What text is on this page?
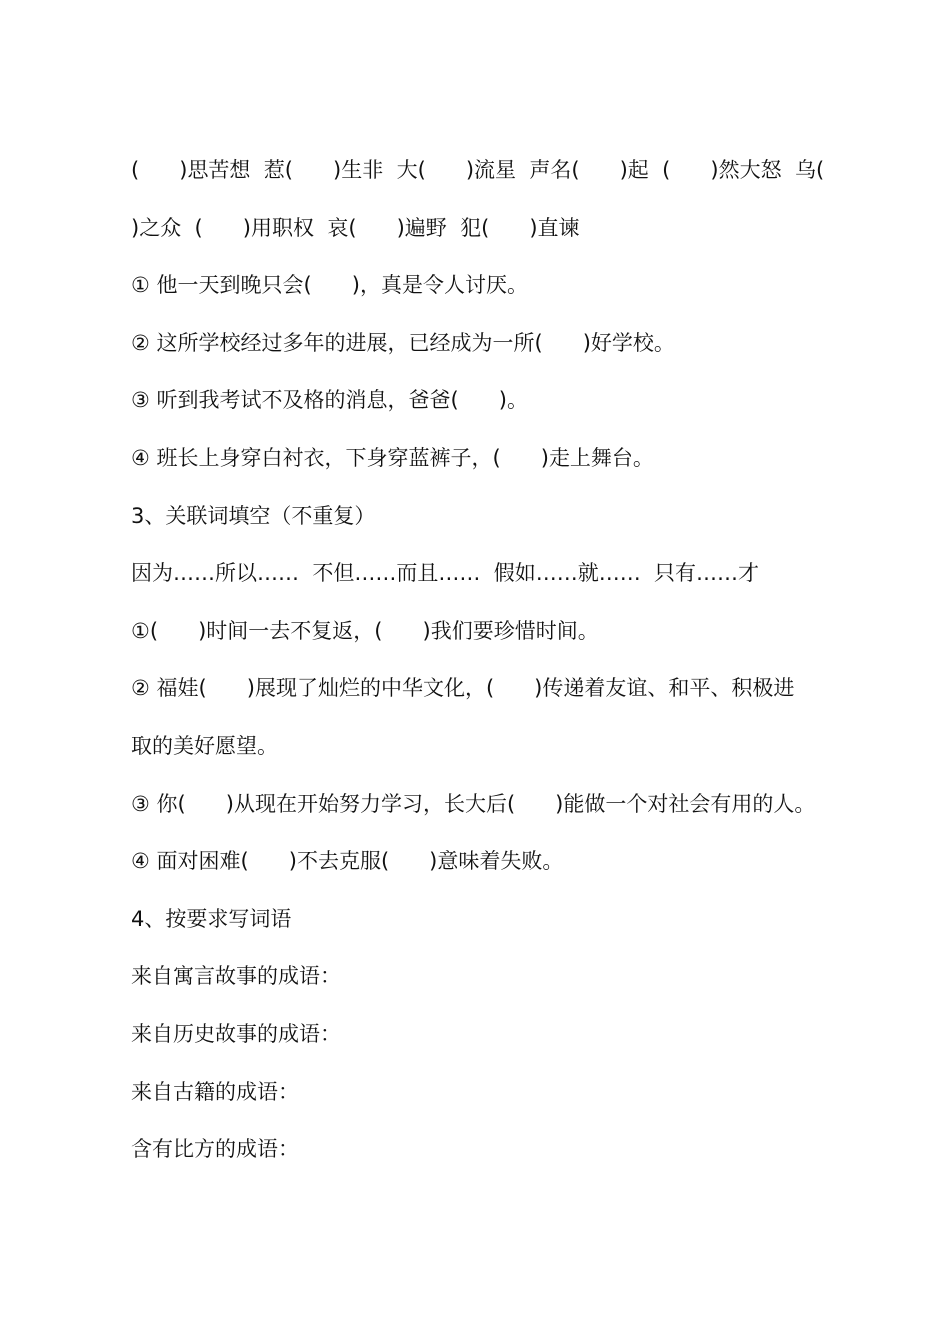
(      )思苦想  惹(      )生非  大(      )流星  声名(      )起  (      )然大怒  乌(
)之众  (      )用职权  哀(      )遍野  犯(      )直谏
① 他一天到晚只会(      )，真是令人讨厌。
② 这所学校经过多年的进展，已经成为一所(      )好学校。
③ 听到我考试不及格的消息，爸爸(      )。
④ 班长上身穿白衬衣，下身穿蓝裤子，(      )走上舞台。
3、关联词填空（不重复）
因为……所以……  不但……而且……  假如……就……  只有……才
①(      )时间一去不复返，(      )我们要珍惜时间。
② 福娃(      )展现了灿烂的中华文化，(      )传递着友谊、和平、积极进
取的美好愿望。
③ 你(      )从现在开始努力学习，长大后(      )能做一个对社会有用的人。
④ 面对困难(      )不去克服(      )意味着失败。
4、按要求写词语
来自寓言故事的成语：
来自历史故事的成语：
来自古籍的成语：
含有比方的成语：
